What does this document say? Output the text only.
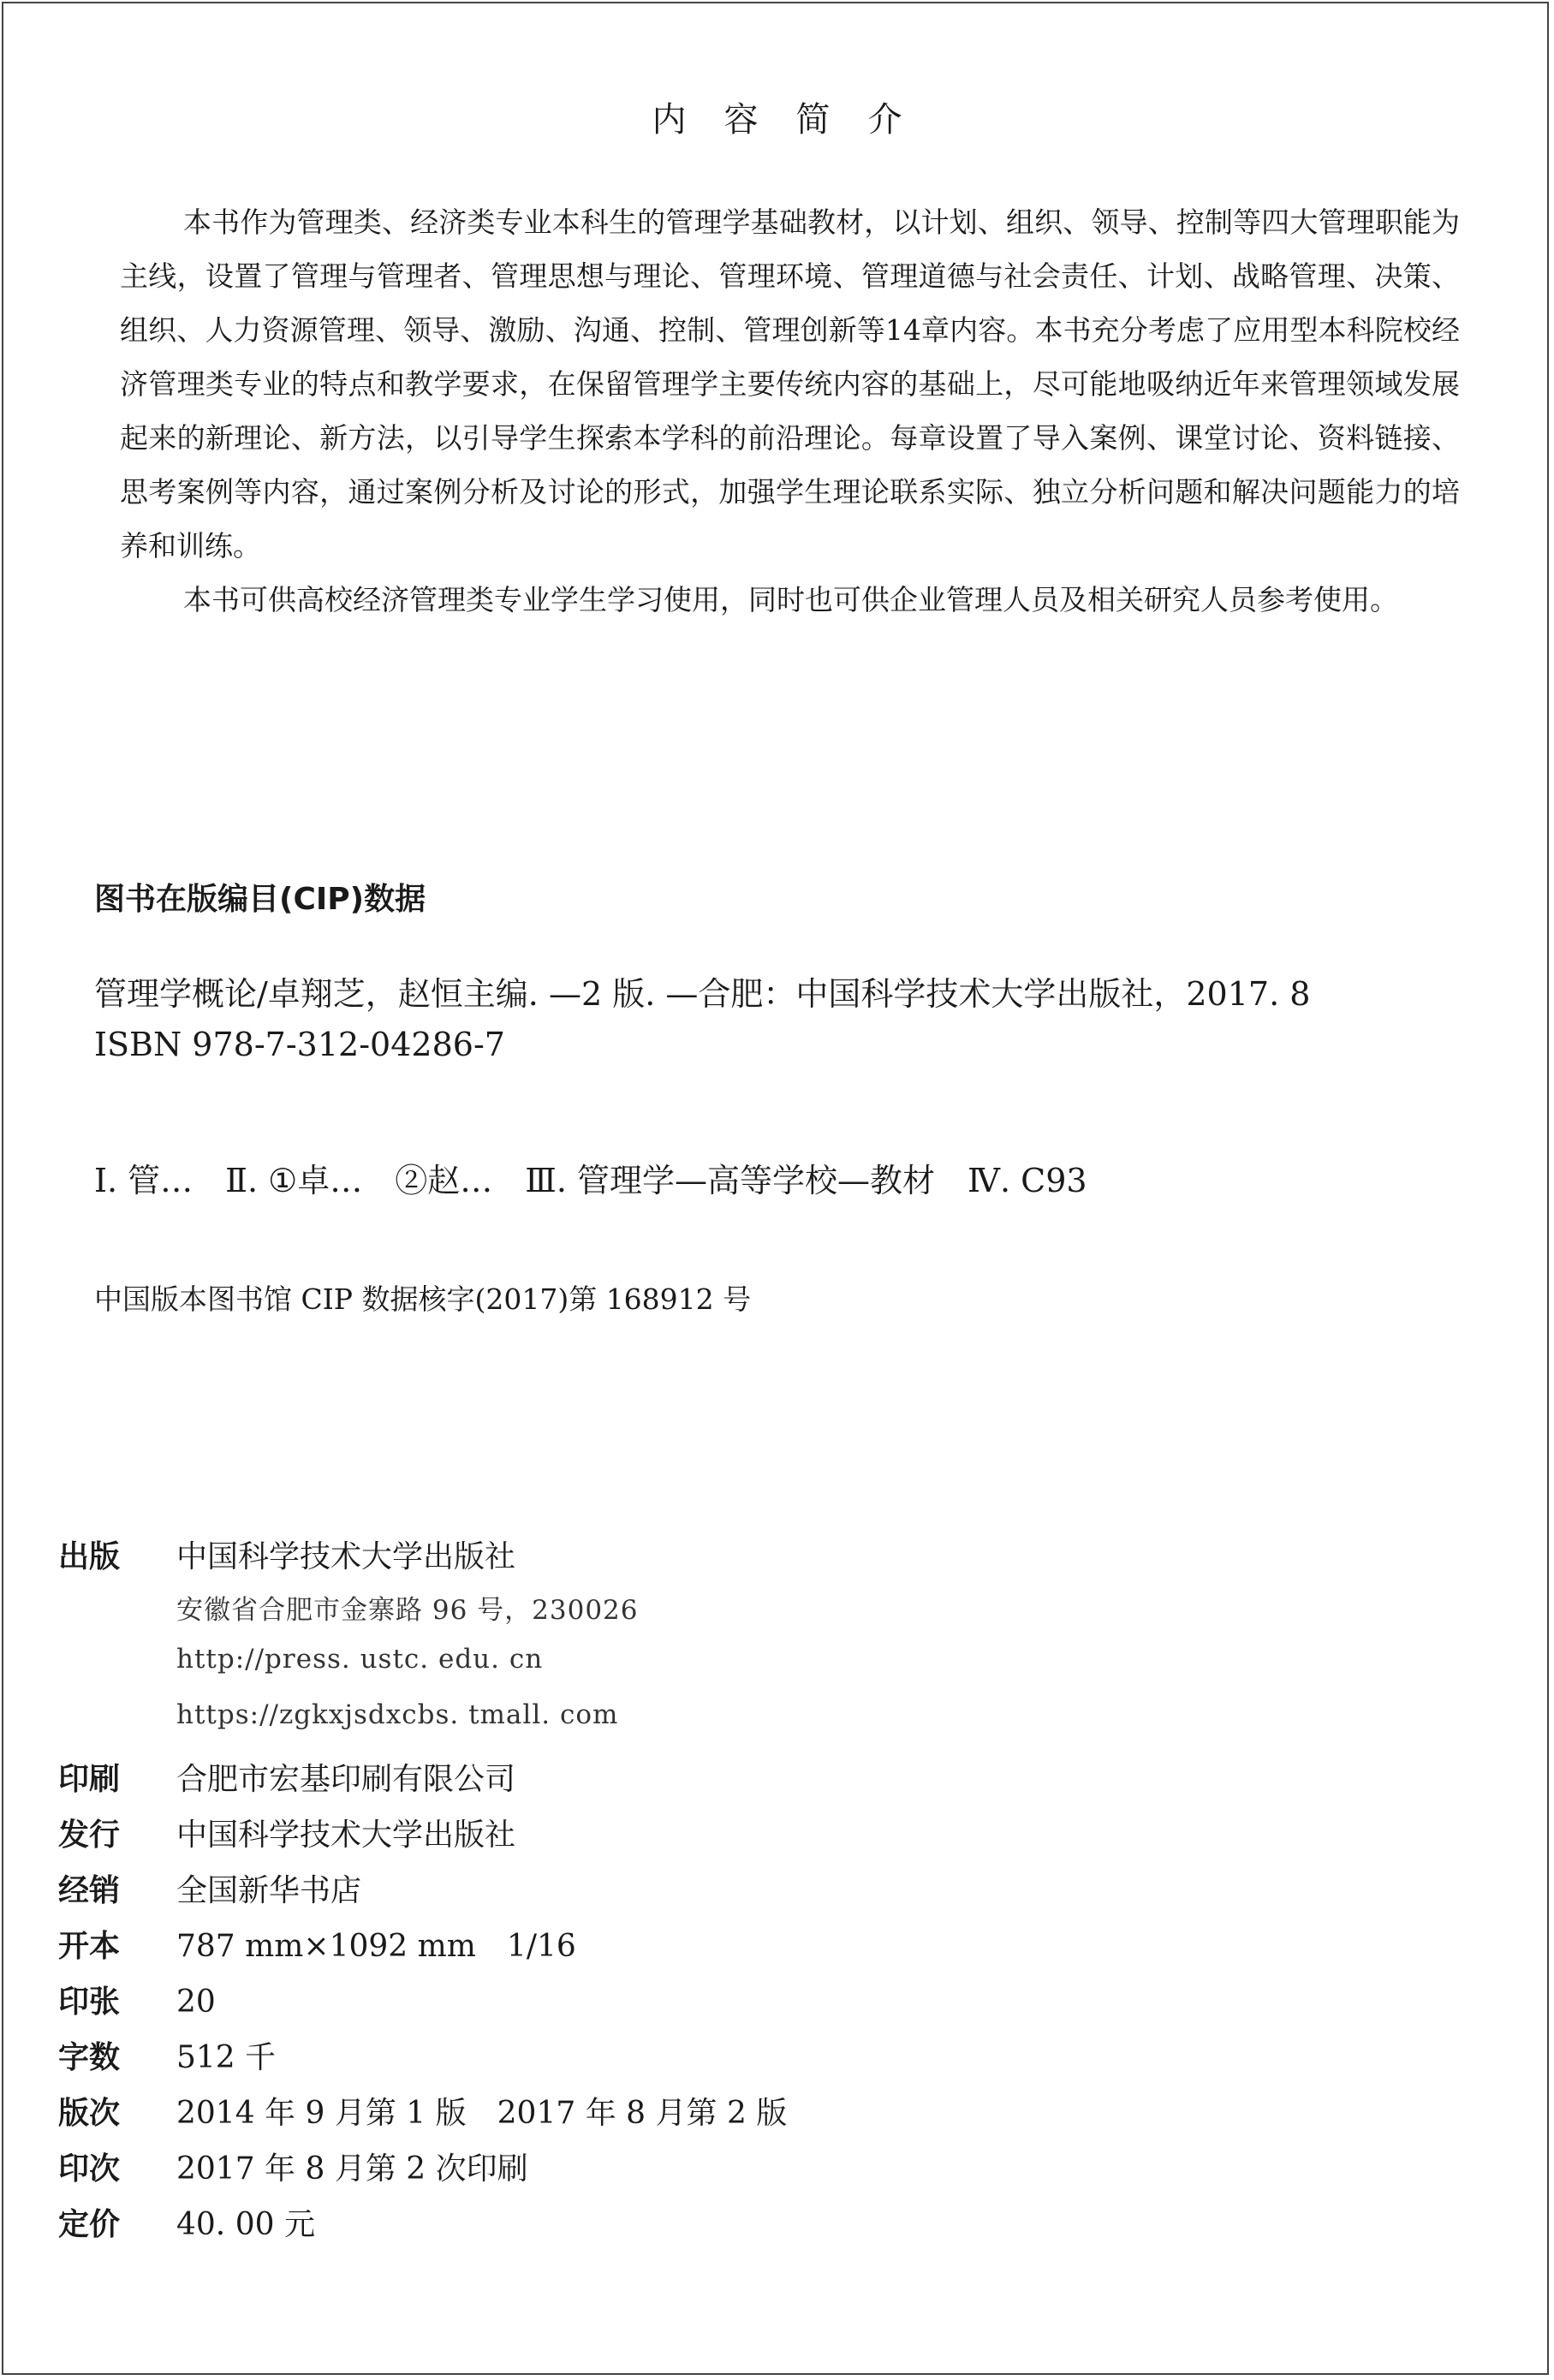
内容简介

本书作为管理类、经济类专业本科生的管理学基础教材，以计划、组织、领导、控制等四大管理职能为主线，设置了管理与管理者、管理思想与理论、管理环境、管理道德与社会责任、计划、战略管理、决策、组织、人力资源管理、领导、激励、沟通、控制、管理创新等14章内容。本书充分考虑了应用型本科院校经济管理类专业的特点和教学要求，在保留管理学主要传统内容的基础上，尽可能地吸纳近年来管理领域发展起来的新理论、新方法，以引导学生探索本学科的前沿理论。每章设置了导入案例、课堂讨论、资料链接、思考案例等内容，通过案例分析及讨论的形式，加强学生理论联系实际、独立分析问题和解决问题能力的培养和训练。

本书可供高校经济管理类专业学生学习使用，同时也可供企业管理人员及相关研究人员参考使用。

图书在版编目(CIP)数据
管理学概论/卓翔芝，赵恒主编. —2 版. —合肥：中国科学技术大学出版社，2017. 8
ISBN 978-7-312-04286-7
Ⅰ. 管…　Ⅱ. ①卓…　②赵…　Ⅲ. 管理学—高等学校—教材　Ⅳ. C93
中国版本图书馆 CIP 数据核字(2017)第 168912 号
出版	中国科学技术大学出版社
安徽省合肥市金寨路 96 号，230026
http://press. ustc. edu. cn
https://zgkxjsdxcbs. tmall. com
印刷	合肥市宏基印刷有限公司
发行	中国科学技术大学出版社
经销	全国新华书店
开本	787 mm×1092 mm　1/16
印张	20
字数	512 千
版次	2014 年 9 月第 1 版　2017 年 8 月第 2 版
印次	2017 年 8 月第 2 次印刷
定价	40. 00 元
